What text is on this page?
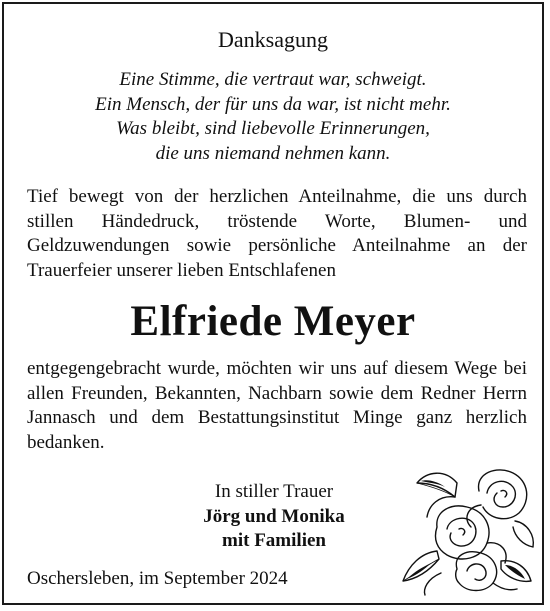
Danksagung
Eine Stimme, die vertraut war, schweigt.
Ein Mensch, der für uns da war, ist nicht mehr.
Was bleibt, sind liebevolle Erinnerungen,
die uns niemand nehmen kann.
Tief bewegt von der herzlichen Anteilnahme, die uns durch stillen Händedruck, tröstende Worte, Blumen- und Geldzuwendungen sowie persönliche Anteilnahme an der Trauerfeier unserer lieben Entschlafenen
Elfriede Meyer
entgegengebracht wurde, möchten wir uns auf diesem Wege bei allen Freunden, Bekannten, Nachbarn sowie dem Redner Herrn Jannasch und dem Bestattungsinstitut Minge ganz herzlich bedanken.
In stiller Trauer
Jörg und Monika
mit Familien
Oschersleben, im September 2024
